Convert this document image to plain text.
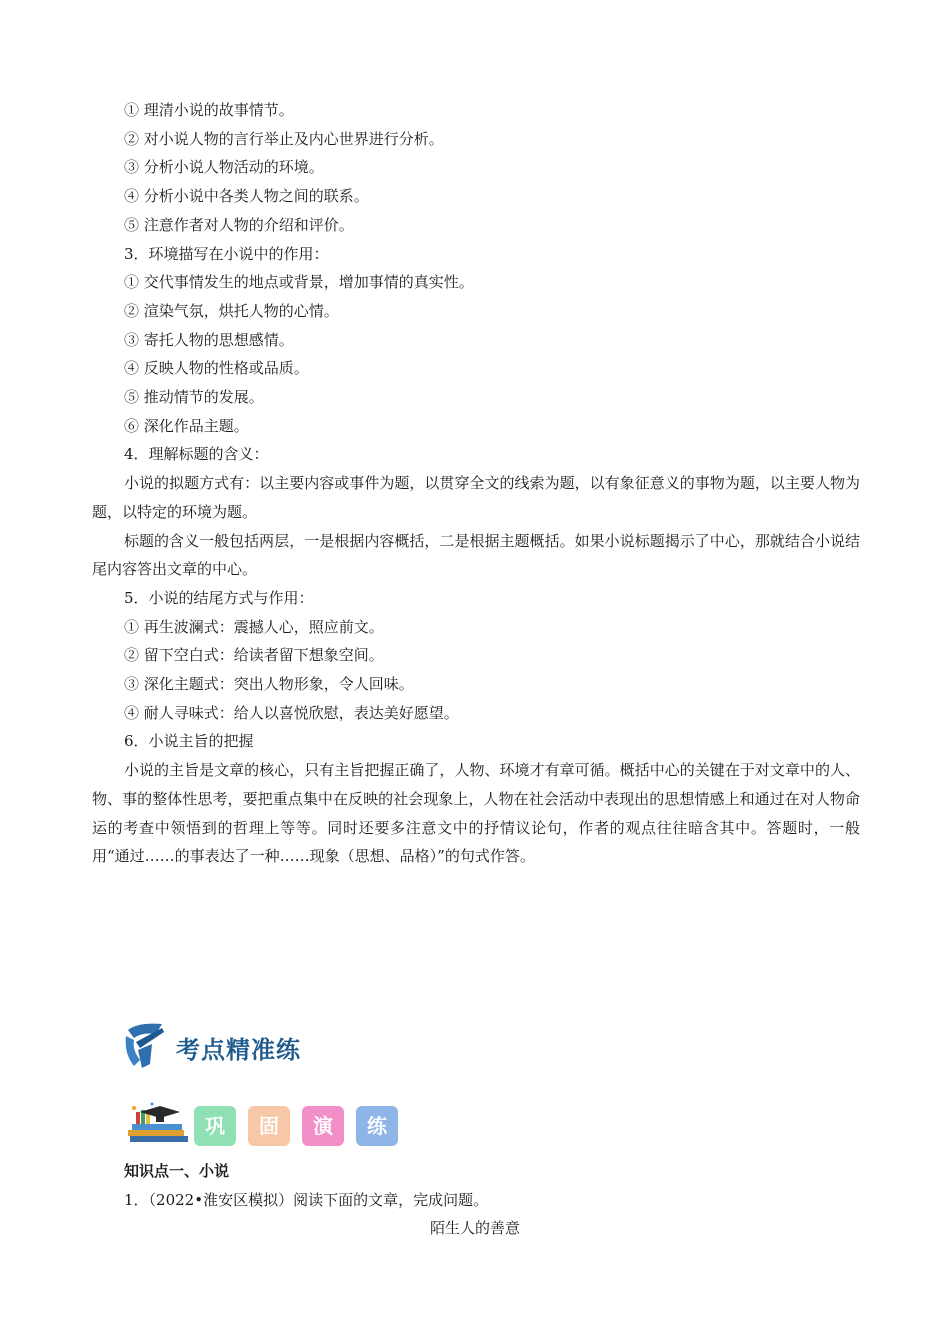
① 理清小说的故事情节。
② 对小说人物的言行举止及内心世界进行分析。
③ 分析小说人物活动的环境。
④ 分析小说中各类人物之间的联系。
⑤ 注意作者对人物的介绍和评价。
3．环境描写在小说中的作用：
① 交代事情发生的地点或背景，增加事情的真实性。
② 渲染气氛，烘托人物的心情。
③ 寄托人物的思想感情。
④ 反映人物的性格或品质。
⑤ 推动情节的发展。
⑥ 深化作品主题。
4．理解标题的含义：
小说的拟题方式有：以主要内容或事件为题，以贯穿全文的线索为题，以有象征意义的事物为题，以主要人物为题，以特定的环境为题。
标题的含义一般包括两层，一是根据内容概括，二是根据主题概括。如果小说标题揭示了中心，那就结合小说结尾内容答出文章的中心。
5．小说的结尾方式与作用：
① 再生波澜式：震撼人心，照应前文。
② 留下空白式：给读者留下想象空间。
③ 深化主题式：突出人物形象，令人回味。
④ 耐人寻味式：给人以喜悦欣慰，表达美好愿望。
6．小说主旨的把握
小说的主旨是文章的核心，只有主旨把握正确了，人物、环境才有章可循。概括中心的关键在于对文章中的人、物、事的整体性思考，要把重点集中在反映的社会现象上，人物在社会活动中表现出的思想情感上和通过在对人物命运的考查中领悟到的哲理上等等。同时还要多注意文中的抒情议论句，作者的观点往往暗含其中。答题时，一般用“通过……的事表达了一种……现象（思想、品格）”的句式作答。
考点精准练
巩	固	演	练
知识点一、小说
1．（2022•淮安区模拟）阅读下面的文章，完成问题。
陌生人的善意
